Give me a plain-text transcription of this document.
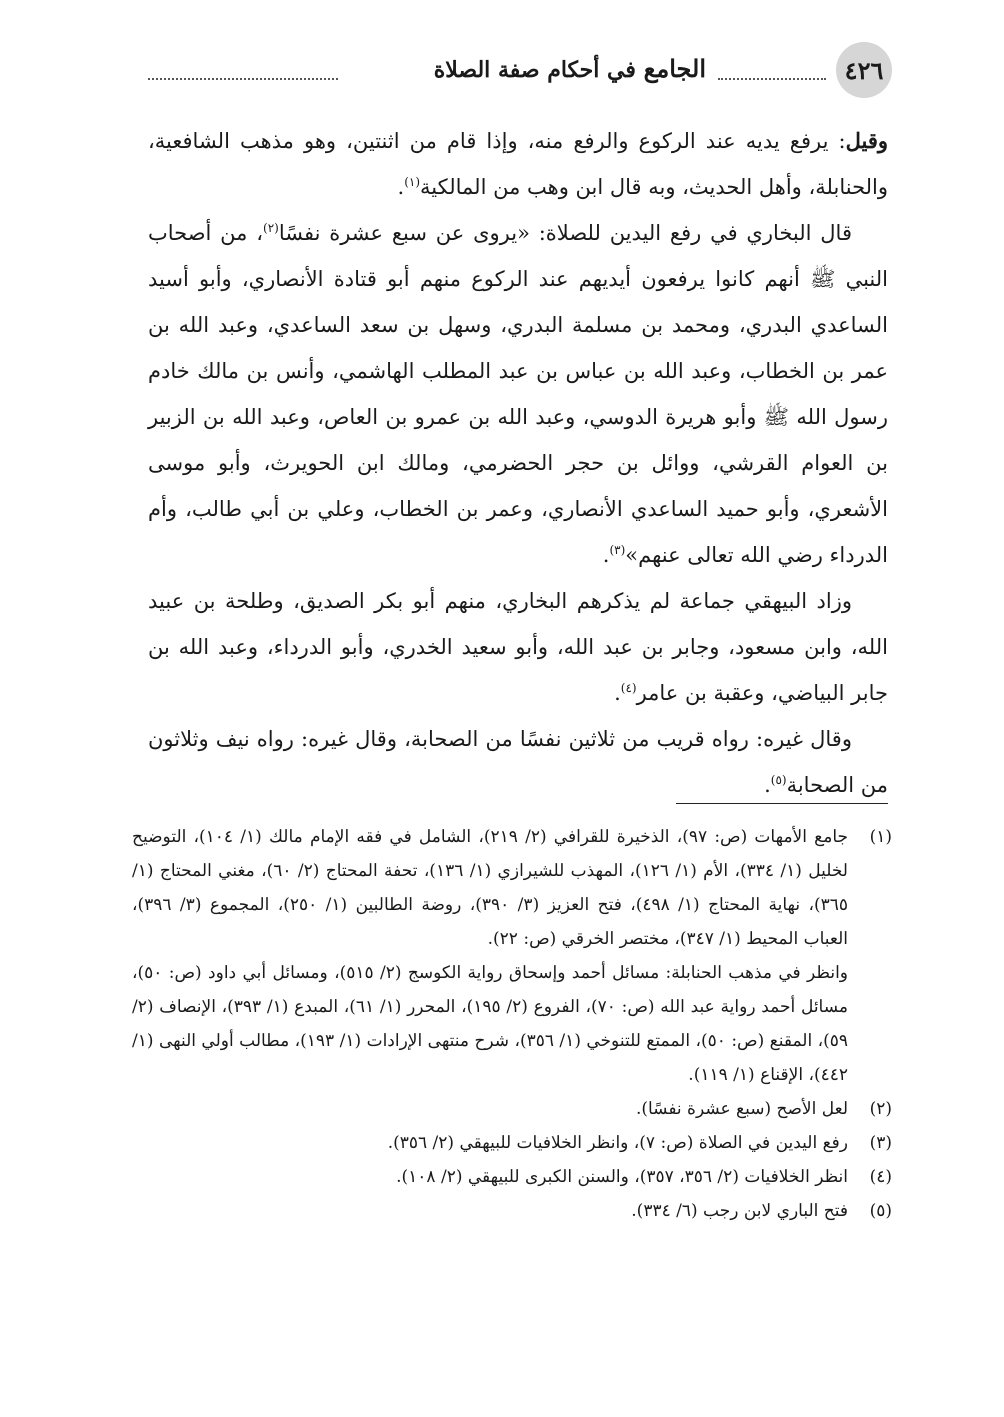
٤٢٦
الجامع في أحكام صفة الصلاة

وقيل: يرفع يديه عند الركوع والرفع منه، وإذا قام من اثنتين، وهو مذهب الشافعية، والحنابلة، وأهل الحديث، وبه قال ابن وهب من المالكية$^{(١)}$.

قال البخاري في رفع اليدين للصلاة: «يروى عن سبع عشرة نفسًا$^{(٢)}$، من أصحاب النبي ﷺ أنهم كانوا يرفعون أيديهم عند الركوع منهم أبو قتادة الأنصاري، وأبو أسيد الساعدي البدري، ومحمد بن مسلمة البدري، وسهل بن سعد الساعدي، وعبد الله بن عمر بن الخطاب، وعبد الله بن عباس بن عبد المطلب الهاشمي، وأنس بن مالك خادم رسول الله ﷺ وأبو هريرة الدوسي، وعبد الله بن عمرو بن العاص، وعبد الله بن الزبير بن العوام القرشي، ووائل بن حجر الحضرمي، ومالك ابن الحويرث، وأبو موسى الأشعري، وأبو حميد الساعدي الأنصاري، وعمر بن الخطاب، وعلي بن أبي طالب، وأم الدرداء رضي الله تعالى عنهم»$^{(٣)}$.

وزاد البيهقي جماعة لم يذكرهم البخاري، منهم أبو بكر الصديق، وطلحة بن عبيد الله، وابن مسعود، وجابر بن عبد الله، وأبو سعيد الخدري، وأبو الدرداء، وعبد الله بن جابر البياضي، وعقبة بن عامر$^{(٤)}$.

وقال غيره: رواه قريب من ثلاثين نفسًا من الصحابة، وقال غيره: رواه نيف وثلاثون من الصحابة$^{(٥)}$.

(١)

جامع الأمهات (ص: ٩٧)، الذخيرة للقرافي (٢/ ٢١٩)، الشامل في فقه الإمام مالك (١/ ١٠٤)، التوضيح لخليل (١/ ٣٣٤)، الأم (١/ ١٢٦)، المهذب للشيرازي (١/ ١٣٦)، تحفة المحتاج (٢/ ٦٠)، مغني المحتاج (١/ ٣٦٥)، نهاية المحتاج (١/ ٤٩٨)، فتح العزيز (٣/ ٣٩٠)، روضة الطالبين (١/ ٢٥٠)، المجموع (٣/ ٣٩٦)، العباب المحيط (١/ ٣٤٧)، مختصر الخرقي (ص: ٢٢).

وانظر في مذهب الحنابلة: مسائل أحمد وإسحاق رواية الكوسج (٢/ ٥١٥)، ومسائل أبي داود (ص: ٥٠)، مسائل أحمد رواية عبد الله (ص: ٧٠)، الفروع (٢/ ١٩٥)، المحرر (١/ ٦١)، المبدع (١/ ٣٩٣)، الإنصاف (٢/ ٥٩)، المقنع (ص: ٥٠)، الممتع للتنوخي (١/ ٣٥٦)، شرح منتهى الإرادات (١/ ١٩٣)، مطالب أولي النهى (١/ ٤٤٢)، الإقناع (١/ ١١٩).

(٢)

لعل الأصح (سبع عشرة نفسًا).

(٣)

رفع اليدين في الصلاة (ص: ٧)، وانظر الخلافيات للبيهقي (٢/ ٣٥٦).

(٤)

انظر الخلافيات (٢/ ٣٥٦، ٣٥٧)، والسنن الكبرى للبيهقي (٢/ ١٠٨).

(٥)

فتح الباري لابن رجب (٦/ ٣٣٤).
